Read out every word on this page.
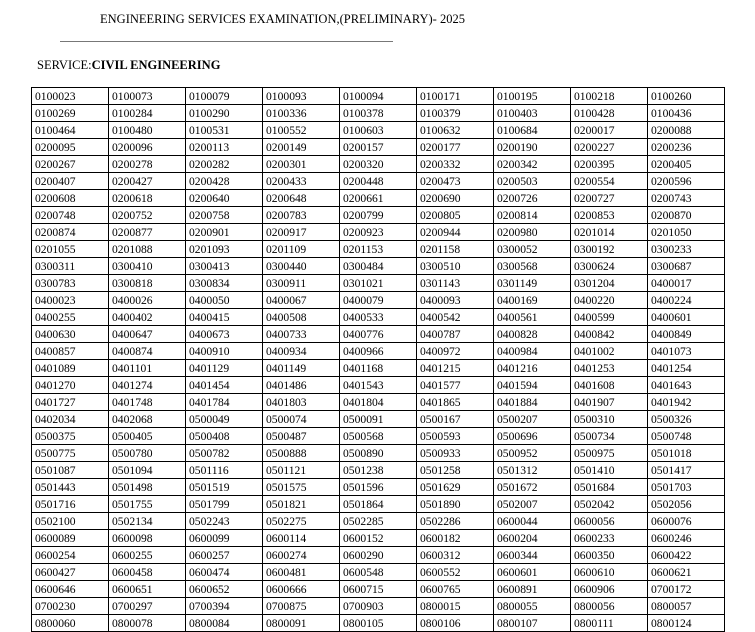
ENGINEERING SERVICES EXAMINATION,(PRELIMINARY)- 2025
SERVICE:CIVIL ENGINEERING
0100023	0100073	0100079	0100093	0100094	0100171	0100195	0100218	0100260
0100269	0100284	0100290	0100336	0100378	0100379	0100403	0100428	0100436
0100464	0100480	0100531	0100552	0100603	0100632	0100684	0200017	0200088
0200095	0200096	0200113	0200149	0200157	0200177	0200190	0200227	0200236
0200267	0200278	0200282	0200301	0200320	0200332	0200342	0200395	0200405
0200407	0200427	0200428	0200433	0200448	0200473	0200503	0200554	0200596
0200608	0200618	0200640	0200648	0200661	0200690	0200726	0200727	0200743
0200748	0200752	0200758	0200783	0200799	0200805	0200814	0200853	0200870
0200874	0200877	0200901	0200917	0200923	0200944	0200980	0201014	0201050
0201055	0201088	0201093	0201109	0201153	0201158	0300052	0300192	0300233
0300311	0300410	0300413	0300440	0300484	0300510	0300568	0300624	0300687
0300783	0300818	0300834	0300911	0301021	0301143	0301149	0301204	0400017
0400023	0400026	0400050	0400067	0400079	0400093	0400169	0400220	0400224
0400255	0400402	0400415	0400508	0400533	0400542	0400561	0400599	0400601
0400630	0400647	0400673	0400733	0400776	0400787	0400828	0400842	0400849
0400857	0400874	0400910	0400934	0400966	0400972	0400984	0401002	0401073
0401089	0401101	0401129	0401149	0401168	0401215	0401216	0401253	0401254
0401270	0401274	0401454	0401486	0401543	0401577	0401594	0401608	0401643
0401727	0401748	0401784	0401803	0401804	0401865	0401884	0401907	0401942
0402034	0402068	0500049	0500074	0500091	0500167	0500207	0500310	0500326
0500375	0500405	0500408	0500487	0500568	0500593	0500696	0500734	0500748
0500775	0500780	0500782	0500888	0500890	0500933	0500952	0500975	0501018
0501087	0501094	0501116	0501121	0501238	0501258	0501312	0501410	0501417
0501443	0501498	0501519	0501575	0501596	0501629	0501672	0501684	0501703
0501716	0501755	0501799	0501821	0501864	0501890	0502007	0502042	0502056
0502100	0502134	0502243	0502275	0502285	0502286	0600044	0600056	0600076
0600089	0600098	0600099	0600114	0600152	0600182	0600204	0600233	0600246
0600254	0600255	0600257	0600274	0600290	0600312	0600344	0600350	0600422
0600427	0600458	0600474	0600481	0600548	0600552	0600601	0600610	0600621
0600646	0600651	0600652	0600666	0600715	0600765	0600891	0600906	0700172
0700230	0700297	0700394	0700875	0700903	0800015	0800055	0800056	0800057
0800060	0800078	0800084	0800091	0800105	0800106	0800107	0800111	0800124
